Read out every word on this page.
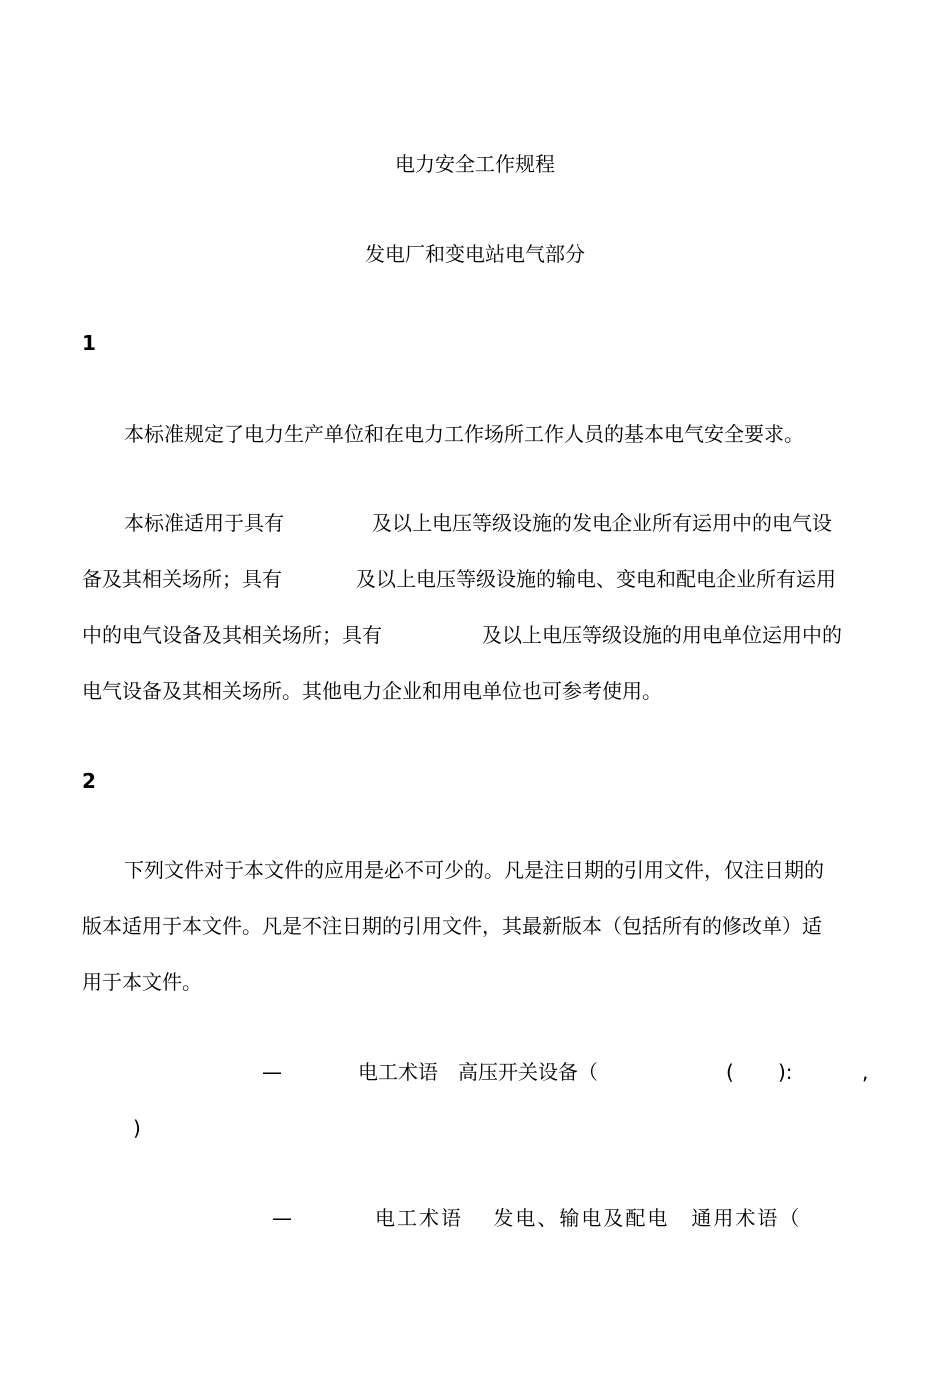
电力安全工作规程
发电厂和变电站电气部分
1
本标准规定了电力生产单位和在电力工作场所工作人员的基本电气安全要求。
本标准适用于具有	及以上电压等级设施的发电企业所有运用中的电气设
备及其相关场所；具有	及以上电压等级设施的输电、变电和配电企业所有运用
中的电气设备及其相关场所；具有	及以上电压等级设施的用电单位运用中的
电气设备及其相关场所。其他电力企业和用电单位也可参考使用。
2
下列文件对于本文件的应用是必不可少的。凡是注日期的引用文件，仅注日期的
版本适用于本文件。凡是不注日期的引用文件，其最新版本（包括所有的修改单）适
用于本文件。
—	电工术语　高压开关设备（	( ):	,
)
—	电工术语　 发电、输电及配电　通用术语（
